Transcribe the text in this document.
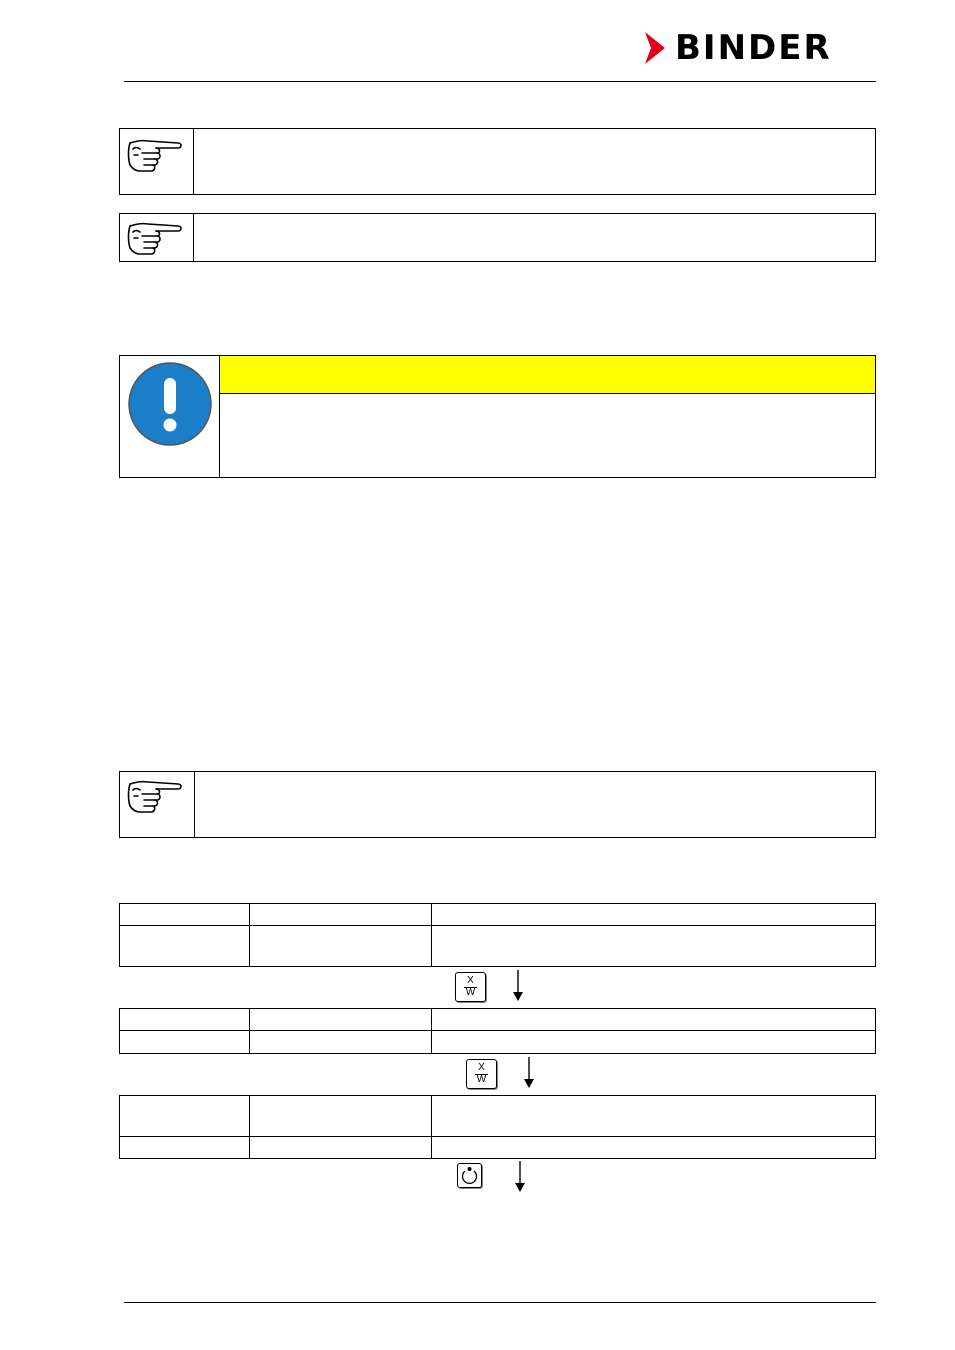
BINDER

X
W

X
W
